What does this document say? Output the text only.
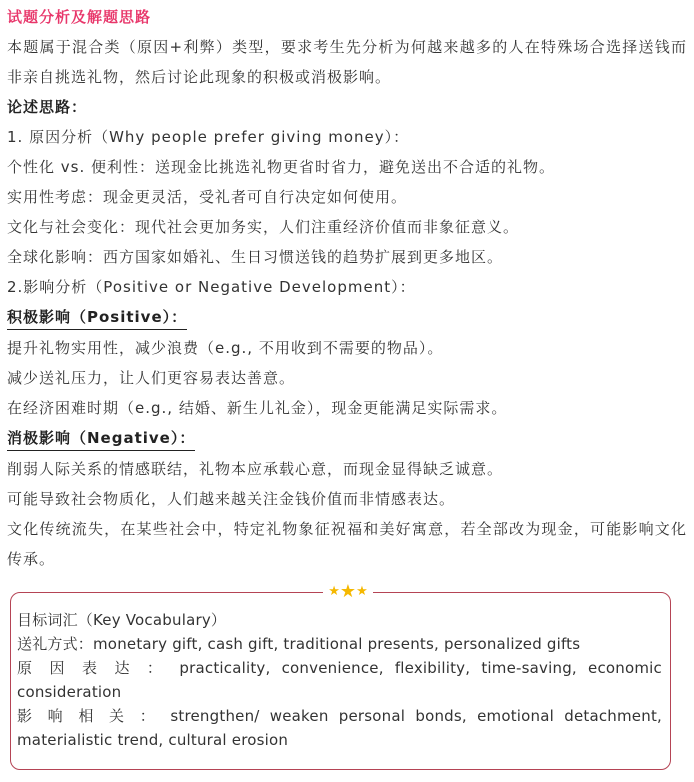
试题分析及解题思路

本题属于混合类（原因+利弊）类型，要求考生先分析为何越来越多的人在特殊场合选择送钱而非亲自挑选礼物，然后讨论此现象的积极或消极影响。

论述思路：

1. 原因分析（Why people prefer giving money）：

个性化 vs. 便利性：送现金比挑选礼物更省时省力，避免送出不合适的礼物。

实用性考虑：现金更灵活，受礼者可自行决定如何使用。

文化与社会变化：现代社会更加务实，人们注重经济价值而非象征意义。

全球化影响：西方国家如婚礼、生日习惯送钱的趋势扩展到更多地区。

2.影响分析（Positive or Negative Development）：

积极影响（Positive）：

提升礼物实用性，减少浪费（e.g., 不用收到不需要的物品）。

减少送礼压力，让人们更容易表达善意。

在经济困难时期（e.g., 结婚、新生儿礼金），现金更能满足实际需求。

消极影响（Negative）：

削弱人际关系的情感联结，礼物本应承载心意，而现金显得缺乏诚意。

可能导致社会物质化，人们越来越关注金钱价值而非情感表达。

文化传统流失，在某些社会中，特定礼物象征祝福和美好寓意，若全部改为现金，可能影响文化传承。

★★★

目标词汇（Key Vocabulary）

送礼方式：monetary gift, cash gift, traditional presents, personalized gifts

原 因 表 达 ： practicality, convenience, flexibility, time-saving, economic consideration

影 响 相 关 ： strengthen/ weaken personal bonds, emotional detachment, materialistic trend, cultural erosion
